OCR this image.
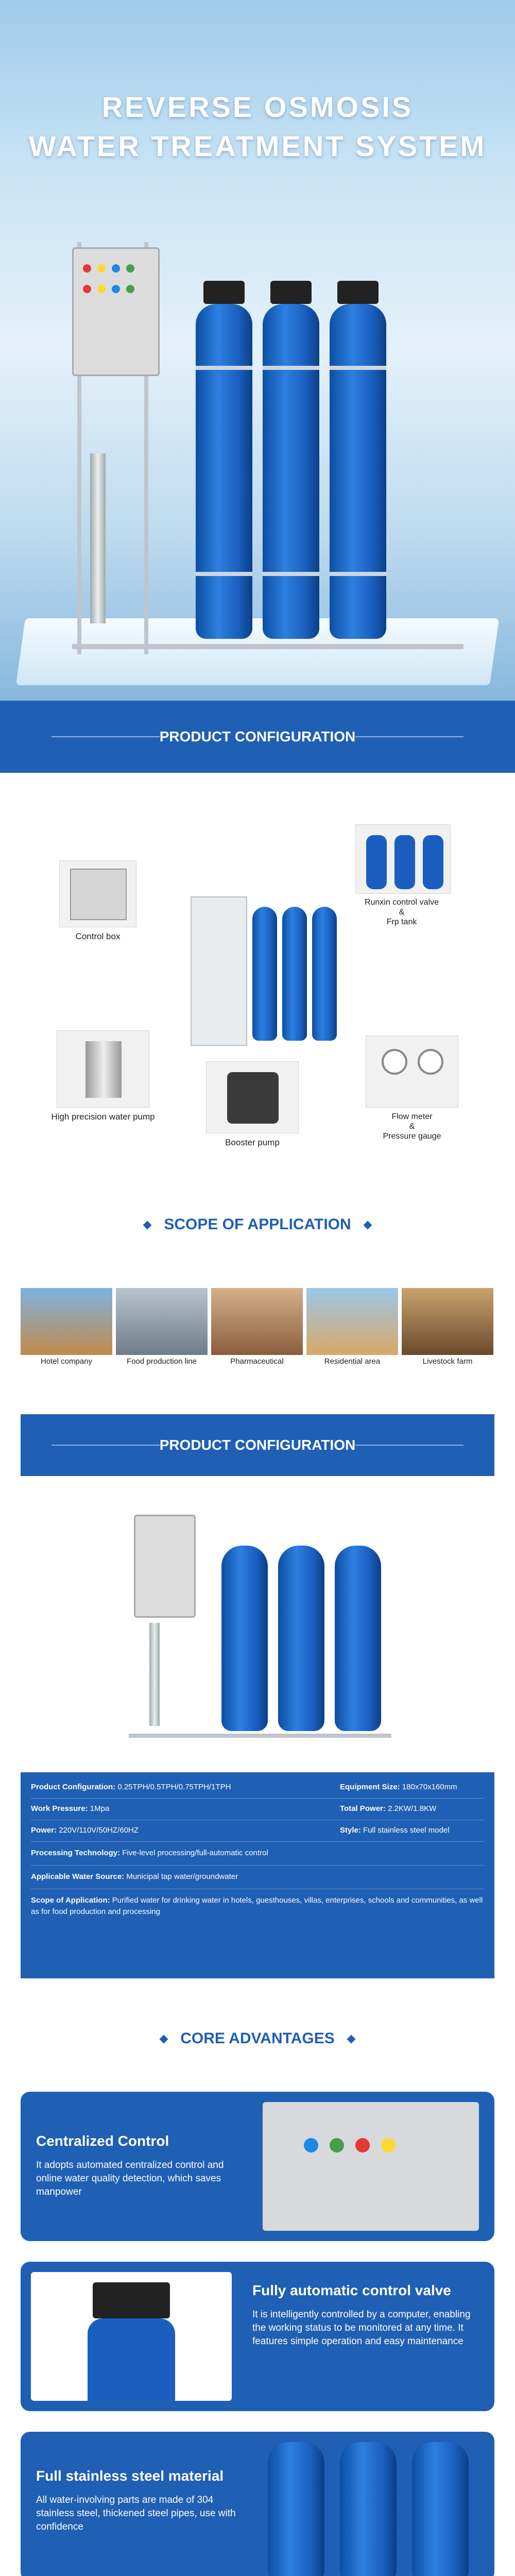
REVERSE OSMOSIS
WATER TREATMENT SYSTEM
PRODUCT CONFIGURATION
Control box
Runxin control valve
&
Frp tank
High precision water pump
Booster pump
Flow meter
&
Pressure gauge
SCOPE OF APPLICATION
Hotel company	Food production line	Pharmaceutical	Residential area	Livestock farm
PRODUCT CONFIGURATION
Product Configuration: 0.25TPH/0.5TPH/0.75TPH/1TPH	Equipment Size: 180x70x160mm
Work Pressure: 1Mpa	Total Power: 2.2KW/1.8KW
Power: 220V/110V/50HZ/60HZ	Style: Full stainless steel model
Processing Technology: Five-level processing/full-automatic control
Applicable Water Source: Municipal tap water/groundwater
Scope of Application: Purified water for drinking water in hotels, guesthouses, villas, enterprises, schools and communities, as well as for food production and processing
CORE ADVANTAGES
Centralized Control

It adopts automated centralized control and online water quality detection, which saves manpower

Fully automatic control valve

It is intelligently controlled by a computer, enabling the working status to be monitored at any time. It features simple operation and easy maintenance

Full stainless steel material

All water-involving parts are made of 304 stainless steel, thickened steel pipes, use with confidence
